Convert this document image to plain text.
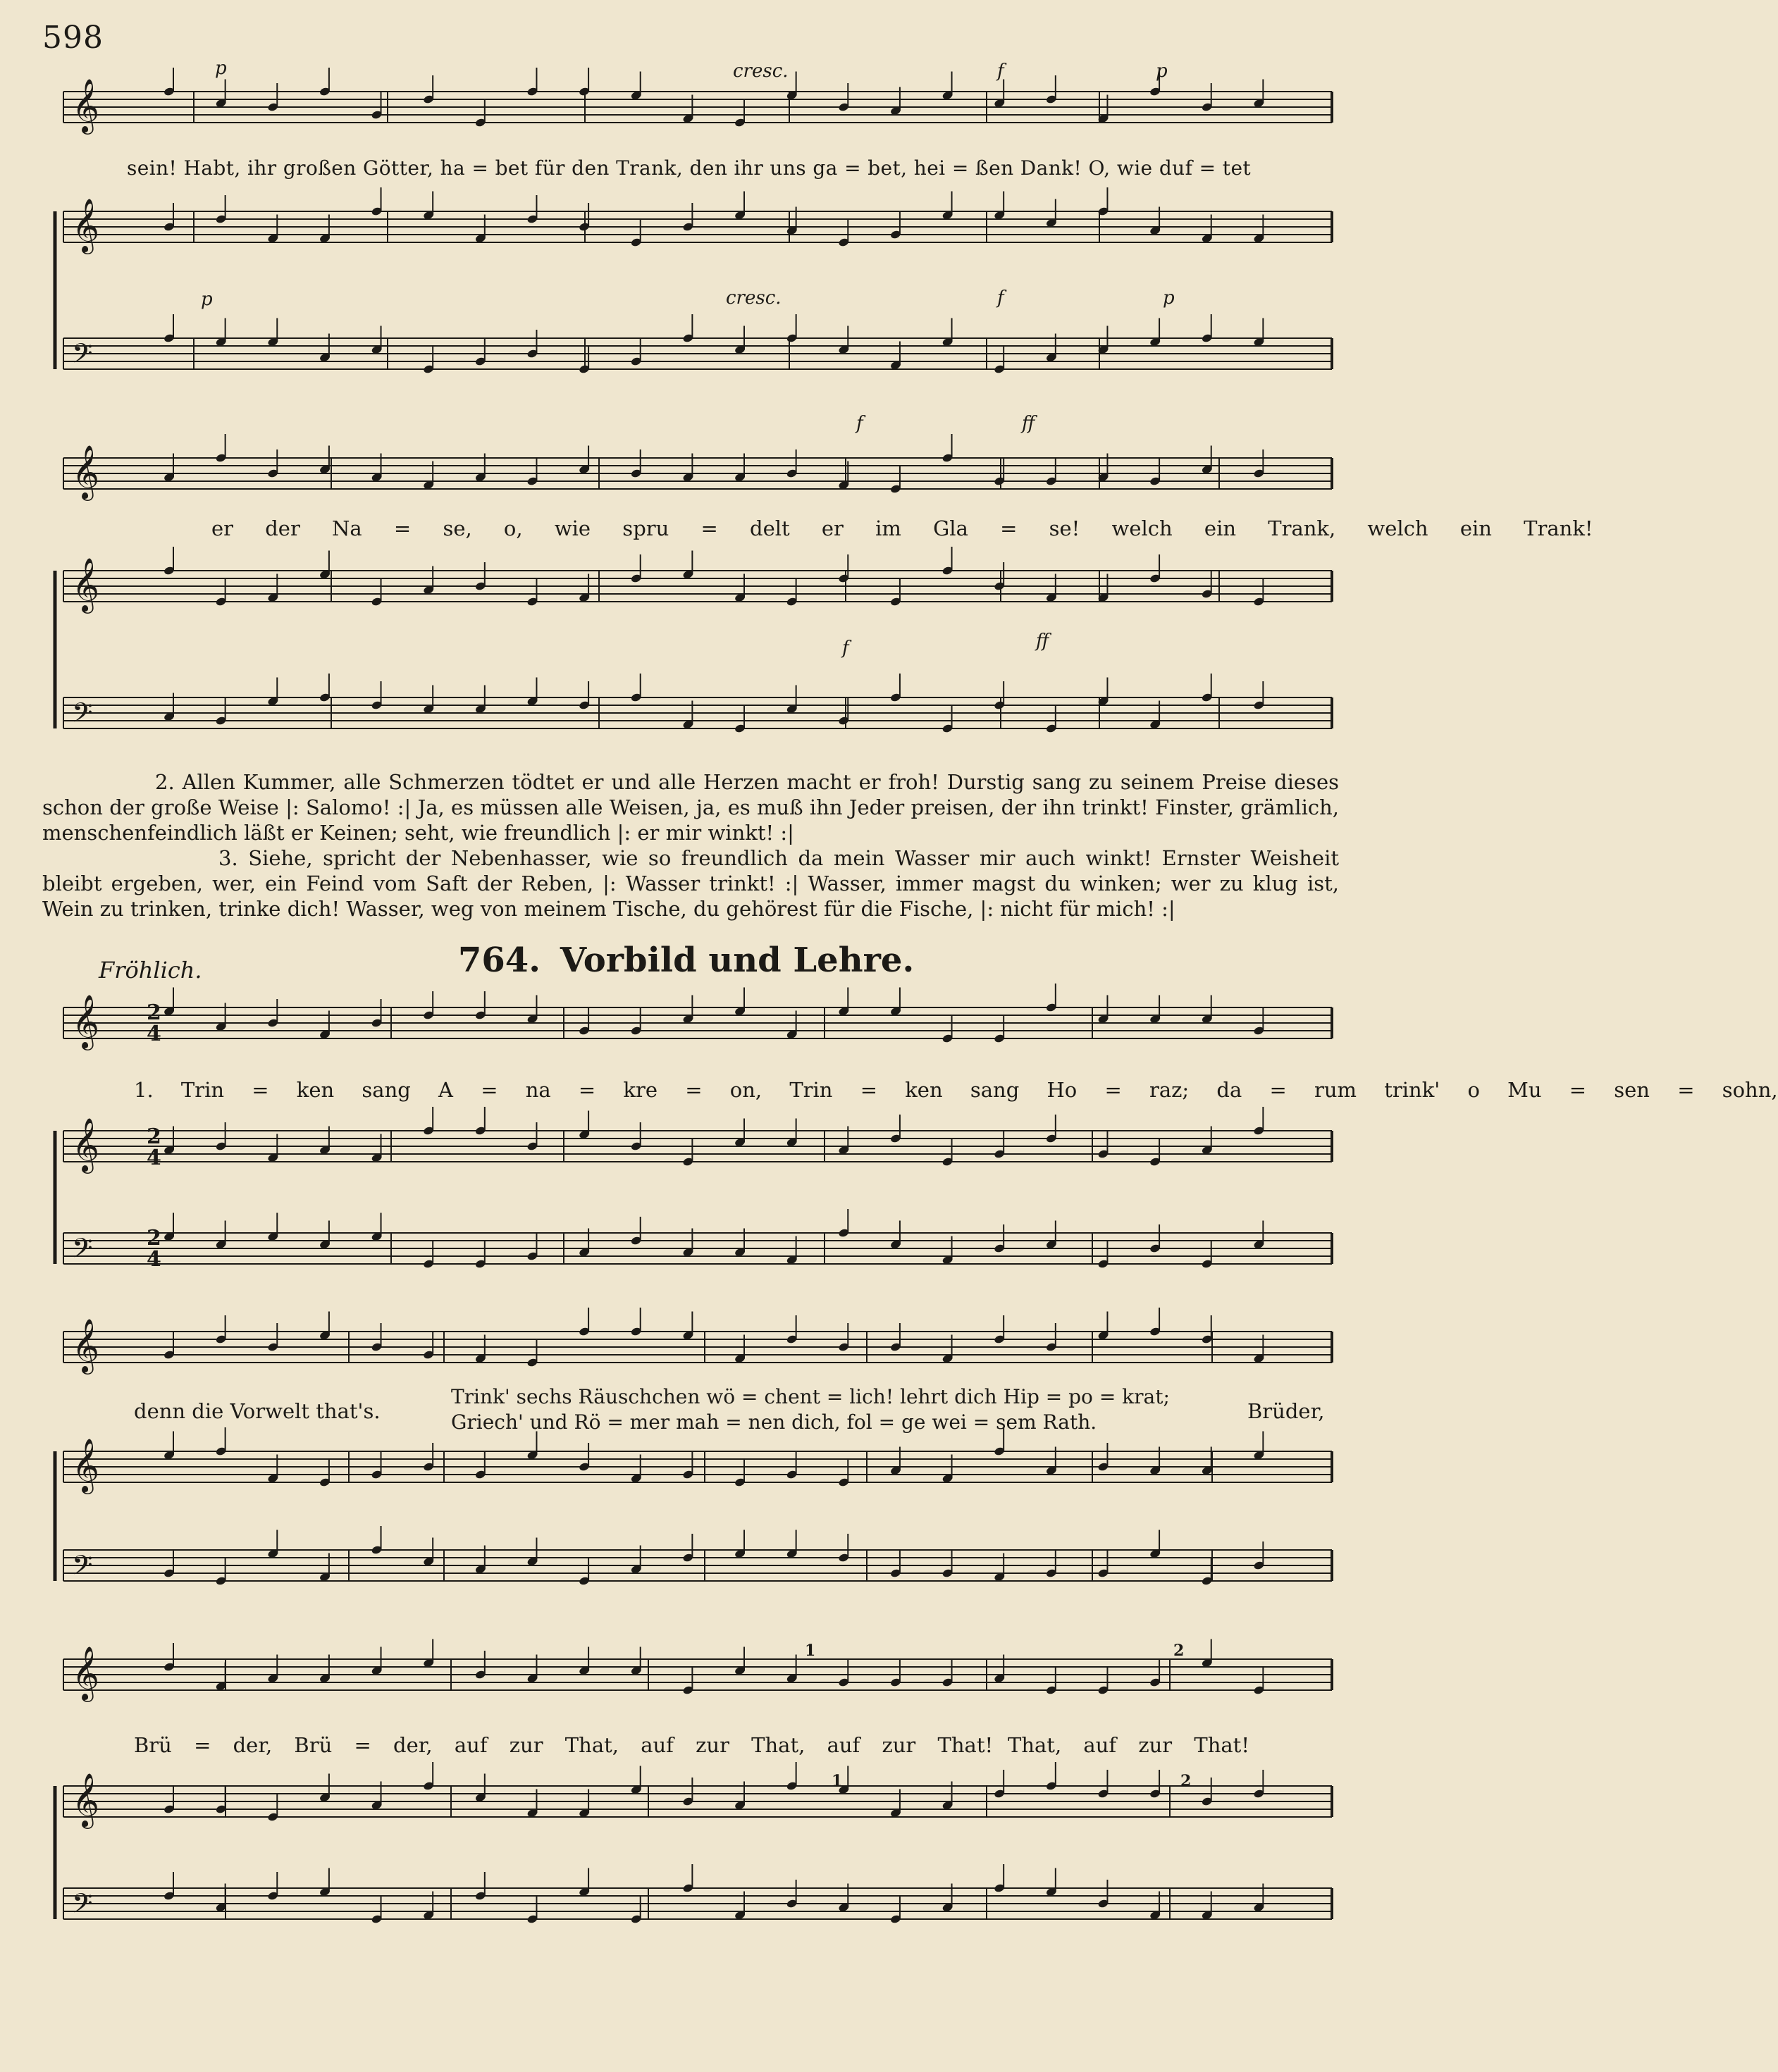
598
𝄞
𝄞
𝄢
𝄞
𝄞
𝄢
𝄞
𝄞
𝄢
𝄞
𝄞
𝄢
𝄞
𝄞
𝄢
p	cresc.	f	p
p	cresc.	f	p
f	ff
f	ff
sein! Habt, ihr großen Götter, ha = bet für den Trank, den ihr uns ga = bet, hei = ßen Dank! O, wie duf = tet
er der Na = se, o, wie spru = delt er im Gla = se! welch ein Trank, welch ein Trank!
2. Allen Kummer, alle Schmerzen tödtet er und alle Herzen macht er froh! Durstig sang zu seinem Preise dieses schon der große Weise |: Salomo! :| Ja, es müssen alle Weisen, ja, es muß ihn Jeder preisen, der ihn trinkt! Finster, grämlich, menschenfeindlich läßt er Keinen; seht, wie freundlich |: er mir winkt! :|
3. Siehe, spricht der Nebenhasser, wie so freundlich da mein Wasser mir auch winkt! Ernster Weisheit bleibt ergeben, wer, ein Feind vom Saft der Reben, |: Wasser trinkt! :| Wasser, immer magst du winken; wer zu klug ist, Wein zu trinken, trinke dich! Wasser, weg von meinem Tische, du gehörest für die Fische, |: nicht für mich! :|
Fröhlich.	764. Vorbild und Lehre.
2
4
2
4
2
4
1. Trin = ken sang A = na = kre = on, Trin = ken sang Ho = raz; da = rum trink' o Mu = sen = sohn,
denn die Vorwelt that's.
Trink' sechs Räuschchen wö = chent = lich! lehrt dich Hip = po = krat;
Griech' und Rö = mer mah = nen dich, fol = ge wei = sem Rath.	Brüder,
Brü = der, Brü = der, auf zur That, auf zur That, auf zur That! That, auf zur That!
1	2
1	2
